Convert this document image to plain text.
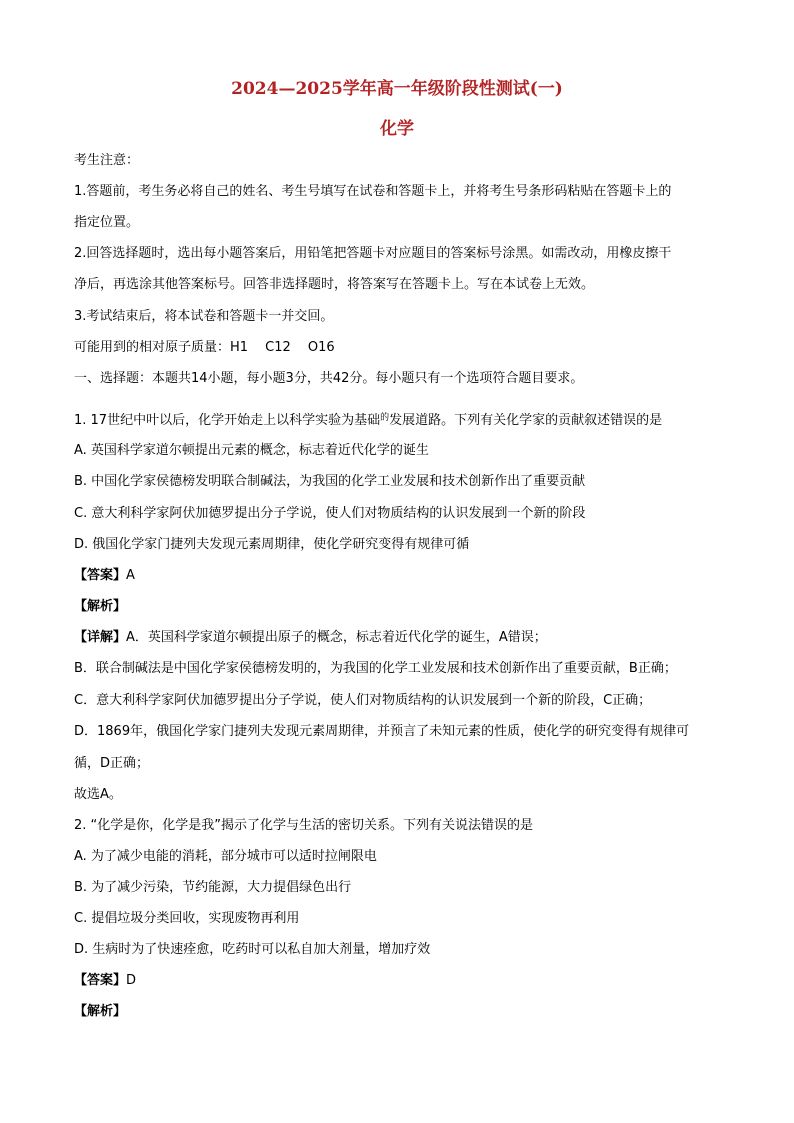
2024—2025学年高一年级阶段性测试(一)
化学
考生注意：
1.答题前，考生务必将自己的姓名、考生号填写在试卷和答题卡上，并将考生号条形码粘贴在答题卡上的
指定位置。
2.回答选择题时，选出每小题答案后，用铅笔把答题卡对应题目的答案标号涂黑。如需改动，用橡皮擦干
净后，再选涂其他答案标号。回答非选择题时，将答案写在答题卡上。写在本试卷上无效。
3.考试结束后，将本试卷和答题卡一并交回。
可能用到的相对原子质量：H1　 C12　 O16
一、选择题：本题共14小题，每小题3分，共42分。每小题只有一个选项符合题目要求。
1. 17世纪中叶以后，化学开始走上以科学实验为基础$^的$发展道路。下列有关化学家的贡献叙述错误的是
A. 英国科学家道尔顿提出元素的概念，标志着近代化学的诞生
B. 中国化学家侯德榜发明联合制碱法，为我国的化学工业发展和技术创新作出了重要贡献
C. 意大利科学家阿伏加德罗提出分子学说，使人们对物质结构的认识发展到一个新的阶段
D. 俄国化学家门捷列夫发现元素周期律，使化学研究变得有规律可循
【答案】A
【解析】
【详解】A．英国科学家道尔顿提出原子的概念，标志着近代化学的诞生，A错误；
B．联合制碱法是中国化学家侯德榜发明的，为我国的化学工业发展和技术创新作出了重要贡献，B正确；
C．意大利科学家阿伏加德罗提出分子学说，使人们对物质结构的认识发展到一个新的阶段，C正确；
D．1869年，俄国化学家门捷列夫发现元素周期律，并预言了未知元素的性质，使化学的研究变得有规律可
循，D正确；
故选A。
2. “化学是你，化学是我”揭示了化学与生活的密切关系。下列有关说法错误的是
A. 为了减少电能的消耗，部分城市可以适时拉闸限电
B. 为了减少污染，节约能源，大力提倡绿色出行
C. 提倡垃圾分类回收，实现废物再利用
D. 生病时为了快速痊愈，吃药时可以私自加大剂量，增加疗效
【答案】D
【解析】
